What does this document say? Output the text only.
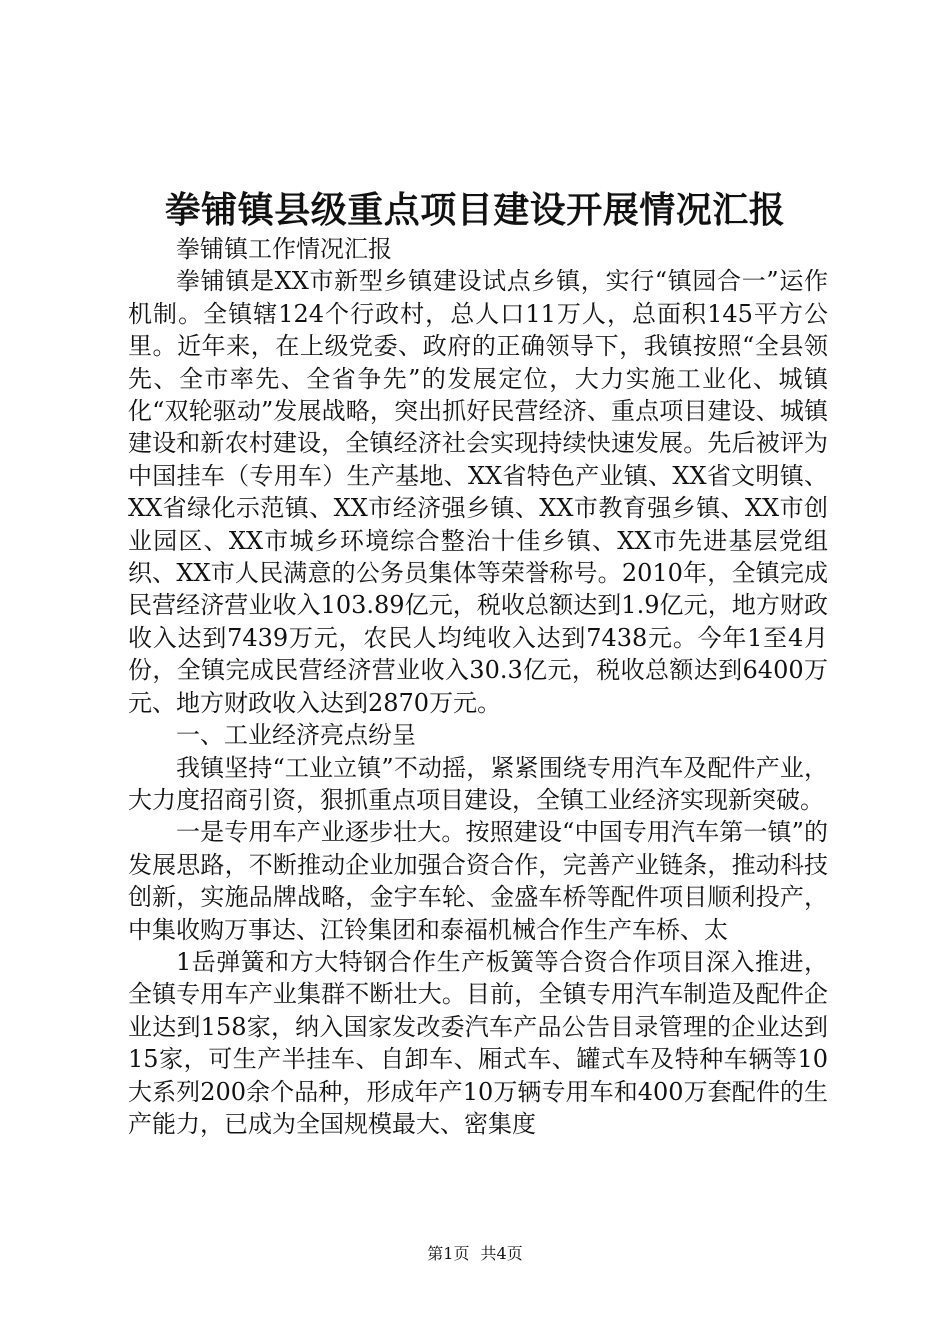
拳铺镇县级重点项目建设开展情况汇报

拳铺镇工作情况汇报

拳铺镇是XX市新型乡镇建设试点乡镇，实行“镇园合一”运作机制。全镇辖124个行政村，总人口11万人，总面积145平方公里。近年来，在上级党委、政府的正确领导下，我镇按照“全县领先、全市率先、全省争先”的发展定位，大力实施工业化、城镇化“双轮驱动”发展战略，突出抓好民营经济、重点项目建设、城镇建设和新农村建设，全镇经济社会实现持续快速发展。先后被评为中国挂车（专用车）生产基地、XX省特色产业镇、XX省文明镇、XX省绿化示范镇、XX市经济强乡镇、XX市教育强乡镇、XX市创业园区、XX市城乡环境综合整治十佳乡镇、XX市先进基层党组织、XX市人民满意的公务员集体等荣誉称号。2010年，全镇完成民营经济营业收入103.89亿元，税收总额达到1.9亿元，地方财政收入达到7439万元，农民人均纯收入达到7438元。今年1至4月份，全镇完成民营经济营业收入30.3亿元，税收总额达到6400万元、地方财政收入达到2870万元。

一、工业经济亮点纷呈

我镇坚持“工业立镇”不动摇，紧紧围绕专用汽车及配件产业，大力度招商引资，狠抓重点项目建设，全镇工业经济实现新突破。

一是专用车产业逐步壮大。按照建设“中国专用汽车第一镇”的发展思路，不断推动企业加强合资合作，完善产业链条，推动科技创新，实施品牌战略，金宇车轮、金盛车桥等配件项目顺利投产，中集收购万事达、江铃集团和泰福机械合作生产车桥、太

1岳弹簧和方大特钢合作生产板簧等合资合作项目深入推进，全镇专用车产业集群不断壮大。目前，全镇专用汽车制造及配件企业达到158家，纳入国家发改委汽车产品公告目录管理的企业达到15家，可生产半挂车、自卸车、厢式车、罐式车及特种车辆等10大系列200余个品种，形成年产10万辆专用车和400万套配件的生产能力，已成为全国规模最大、密集度

第1页 共4页
